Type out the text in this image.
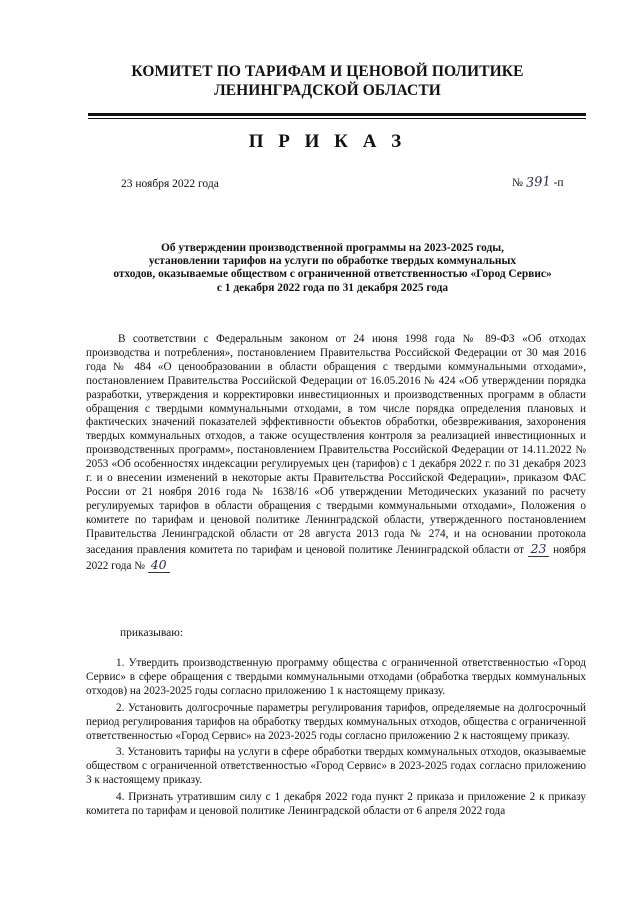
КОМИТЕТ ПО ТАРИФАМ И ЦЕНОВОЙ ПОЛИТИКЕ ЛЕНИНГРАДСКОЙ ОБЛАСТИ
П Р И К А З
23 ноября 2022 года	№ 391 -п
Об утверждении производственной программы на 2023-2025 годы,
установлении тарифов на услуги по обработке твердых коммунальных
отходов, оказываемые обществом с ограниченной ответственностью «Город Сервис»
с 1 декабря 2022 года по 31 декабря 2025 года
В соответствии с Федеральным законом от 24 июня 1998 года № 89-ФЗ «Об отходах производства и потребления», постановлением Правительства Российской Федерации от 30 мая 2016 года № 484 «О ценообразовании в области обращения с твердыми коммунальными отходами», постановлением Правительства Российской Федерации от 16.05.2016 № 424 «Об утверждении порядка разработки, утверждения и корректировки инвестиционных и производственных программ в области обращения с твердыми коммунальными отходами, в том числе порядка определения плановых и фактических значений показателей эффективности объектов обработки, обезвреживания, захоронения твердых коммунальных отходов, а также осуществления контроля за реализацией инвестиционных и производственных программ», постановлением Правительства Российской Федерации от 14.11.2022 № 2053 «Об особенностях индексации регулируемых цен (тарифов) с 1 декабря 2022 г. по 31 декабря 2023 г. и о внесении изменений в некоторые акты Правительства Российской Федерации», приказом ФАС России от 21 ноября 2016 года № 1638/16 «Об утверждении Методических указаний по расчету регулируемых тарифов в области обращения с твердыми коммунальными отходами», Положения о комитете по тарифам и ценовой политике Ленинградской области, утвержденного постановлением Правительства Ленинградской области от 28 августа 2013 года № 274, и на основании протокола заседания правления комитета по тарифам и ценовой политике Ленинградской области от 23 ноября 2022 года № 40
приказываю:
1. Утвердить производственную программу общества с ограниченной ответственностью «Город Сервис» в сфере обращения с твердыми коммунальными отходами (обработка твердых коммунальных отходов) на 2023-2025 годы согласно приложению 1 к настоящему приказу.
2. Установить долгосрочные параметры регулирования тарифов, определяемые на долгосрочный период регулирования тарифов на обработку твердых коммунальных отходов, общества с ограниченной ответственностью «Город Сервис» на 2023-2025 годы согласно приложению 2 к настоящему приказу.
3. Установить тарифы на услуги в сфере обработки твердых коммунальных отходов, оказываемые обществом с ограниченной ответственностью «Город Сервис» в 2023-2025 годах согласно приложению 3 к настоящему приказу.
4. Признать утратившим силу с 1 декабря 2022 года пункт 2 приказа и приложение 2 к приказу комитета по тарифам и ценовой политике Ленинградской области от 6 апреля 2022 года
